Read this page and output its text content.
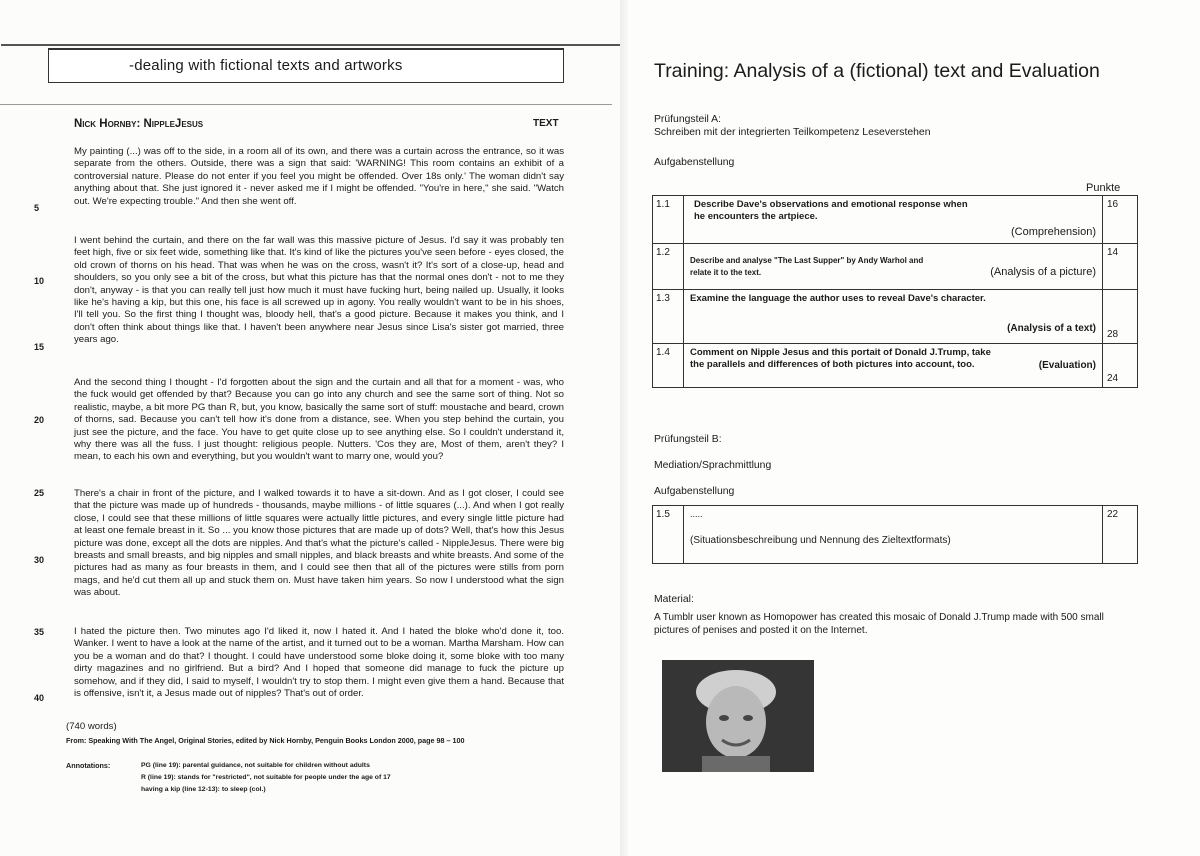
-dealing with fictional texts and artworks
Nick Hornby: NippleJesus	TEXT

My painting (...) was off to the side, in a room all of its own, and there was a curtain across the entrance, so it was separate from the others. Outside, there was a sign that said: 'WARNING! This room contains an exhibit of a controversial nature. Please do not enter if you feel you might be offended. Over 18s only.' The woman didn't say anything about that. She just ignored it - never asked me if I might be offended. "You're in here," she said. "Watch out. We're expecting trouble." And then she went off.

I went behind the curtain, and there on the far wall was this massive picture of Jesus. I'd say it was probably ten feet high, five or six feet wide, something like that. It's kind of like the pictures you've seen before - eyes closed, the old crown of thorns on his head. That was when he was on the cross, wasn't it? It's sort of a close-up, head and shoulders, so you only see a bit of the cross, but what this picture has that the normal ones don't - not to me they don't, anyway - is that you can really tell just how much it must have fucking hurt, being nailed up. Usually, it looks like he's having a kip, but this one, his face is all screwed up in agony. You really wouldn't want to be in his shoes, I'll tell you. So the first thing I thought was, bloody hell, that's a good picture. Because it makes you think, and I don't often think about things like that. I haven't been anywhere near Jesus since Lisa's sister got married, three years ago.

And the second thing I thought - I'd forgotten about the sign and the curtain and all that for a moment - was, who the fuck would get offended by that? Because you can go into any church and see the same sort of thing. Not so realistic, maybe, a bit more PG than R, but, you know, basically the same sort of stuff: moustache and beard, crown of thorns, sad. Because you can't tell how it's done from a distance, see. When you step behind the curtain, you just see the picture, and the face. You have to get quite close up to see anything else. So I couldn't understand it, why there was all the fuss. I just thought: religious people. Nutters. 'Cos they are, Most of them, aren't they? I mean, to each his own and everything, but you wouldn't want to marry one, would you?

There's a chair in front of the picture, and I walked towards it to have a sit-down. And as I got closer, I could see that the picture was made up of hundreds - thousands, maybe millions - of little squares (...). And when I got really close, I could see that these millions of little squares were actually little pictures, and every single little picture had at least one female breast in it. So ... you know those pictures that are made up of dots? Well, that's how this Jesus picture was done, except all the dots are nipples. And that's what the picture's called - NippleJesus. There were big breasts and small breasts, and big nipples and small nipples, and black breasts and white breasts. And some of the pictures had as many as four breasts in them, and I could see then that all of the pictures were stills from porn mags, and he'd cut them all up and stuck them on. Must have taken him years. So now I understood what the sign was about.

I hated the picture then. Two minutes ago I'd liked it, now I hated it. And I hated the bloke who'd done it, too. Wanker. I went to have a look at the name of the artist, and it turned out to be a woman. Martha Marsham. How can you be a woman and do that? I thought. I could have understood some bloke doing it, some bloke with too many dirty magazines and no girlfriend. But a bird? And I hoped that someone did manage to fuck the picture up somehow, and if they did, I said to myself, I wouldn't try to stop them. I might even give them a hand. Because that is offensive, isn't it, a Jesus made out of nipples? That's out of order.

5
10
15
20
25
30
35
40
(740 words)
From: Speaking With The Angel, Original Stories, edited by Nick Hornby, Penguin Books London 2000, page 98 – 100
Annotations:	PG (line 19): parental guidance, not suitable for children without adults
R (line 19): stands for "restricted", not suitable for people under the age of 17
having a kip (line 12-13): to sleep (col.)
Training: Analysis of a (fictional) text and Evaluation
Prüfungsteil A:
Schreiben mit der integrierten Teilkompetenz Leseverstehen
Aufgabenstellung
Punkte
1.1	Describe Dave's observations and emotional response when he encounters the artpiece.
(Comprehension)	16
1.2	Describe and analyse "The Last Supper" by Andy Warhol and relate it to the text. (Analysis of a picture)	14
1.3	Examine the language the author uses to reveal Dave's character.
(Analysis of a text)	28
1.4	Comment on Nipple Jesus and this portait of Donald J.Trump, take the parallels and differences of both pictures into account, too. (Evaluation)	24
Prüfungsteil B:
Mediation/Sprachmittlung
Aufgabenstellung
1.5	.....
(Situationsbeschreibung und Nennung des Zieltextformats)
	22
Material:
A Tumblr user known as Homopower has created this mosaic of Donald J.Trump made with 500 small pictures of penises and posted it on the Internet.
